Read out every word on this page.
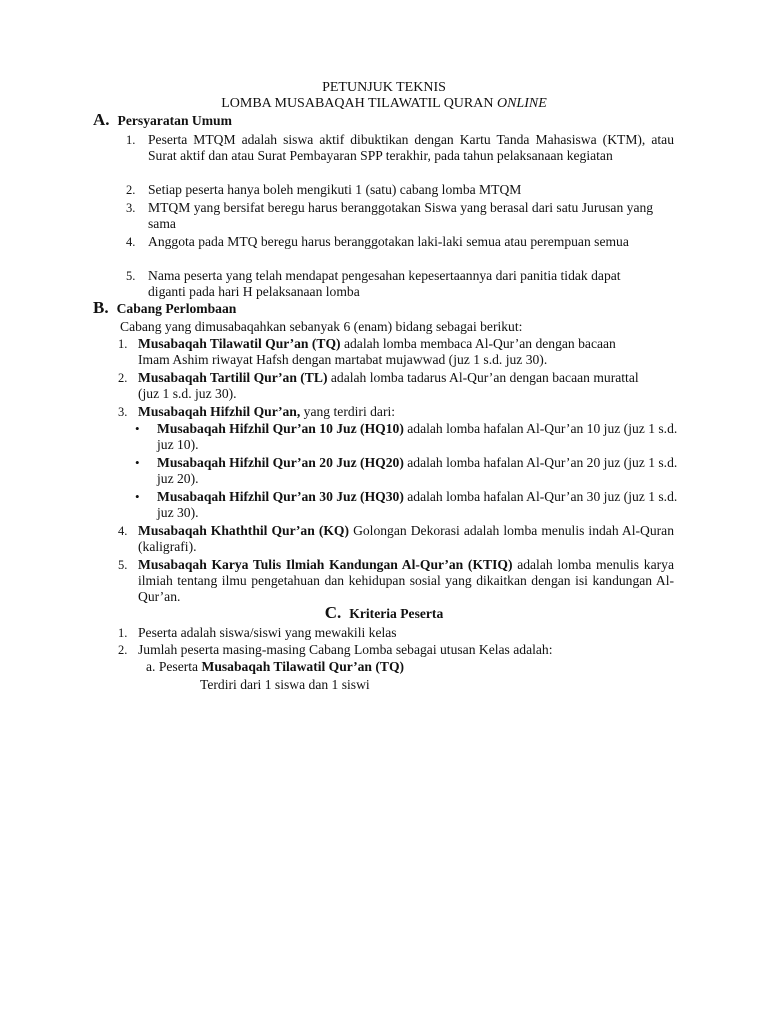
PETUNJUK TEKNIS
LOMBA MUSABAQAH TILAWATIL QURAN ONLINE
A. Persyaratan Umum
1. Peserta MTQM adalah siswa aktif dibuktikan dengan Kartu Tanda Mahasiswa (KTM), atau Surat aktif dan atau Surat Pembayaran SPP terakhir, pada tahun pelaksanaan kegiatan
2. Setiap peserta hanya boleh mengikuti 1 (satu) cabang lomba MTQM
3. MTQM yang bersifat beregu harus beranggotakan Siswa yang berasal dari satu Jurusan yang sama
4. Anggota pada MTQ beregu harus beranggotakan laki-laki semua atau perempuan semua
5. Nama peserta yang telah mendapat pengesahan kepesertaannya dari panitia tidak dapat diganti pada hari H pelaksanaan lomba
B. Cabang Perlombaan
Cabang yang dimusabaqahkan sebanyak 6 (enam) bidang sebagai berikut:
1. Musabaqah Tilawatil Qur’an (TQ) adalah lomba membaca Al-Qur’an dengan bacaan Imam Ashim riwayat Hafsh dengan martabat mujawwad (juz 1 s.d. juz 30).
2. Musabaqah Tartilil Qur’an (TL) adalah lomba tadarus Al-Qur’an dengan bacaan murattal (juz 1 s.d. juz 30).
3. Musabaqah Hifzhil Qur’an, yang terdiri dari:
• Musabaqah Hifzhil Qur’an 10 Juz (HQ10) adalah lomba hafalan Al-Qur’an 10 juz (juz 1 s.d. juz 10).
• Musabaqah Hifzhil Qur’an 20 Juz (HQ20) adalah lomba hafalan Al-Qur’an 20 juz (juz 1 s.d. juz 20).
• Musabaqah Hifzhil Qur’an 30 Juz (HQ30) adalah lomba hafalan Al-Qur’an 30 juz (juz 1 s.d. juz 30).
4. Musabaqah Khaththil Qur’an (KQ) Golongan Dekorasi adalah lomba menulis indah Al-Quran (kaligrafi).
5. Musabaqah Karya Tulis Ilmiah Kandungan Al-Qur’an (KTIQ) adalah lomba menulis karya ilmiah tentang ilmu pengetahuan dan kehidupan sosial yang dikaitkan dengan isi kandungan Al-Qur’an.
C. Kriteria Peserta
1. Peserta adalah siswa/siswi yang mewakili kelas
2. Jumlah peserta masing-masing Cabang Lomba sebagai utusan Kelas adalah:
a. Peserta Musabaqah Tilawatil Qur’an (TQ)
Terdiri dari 1 siswa dan 1 siswi
